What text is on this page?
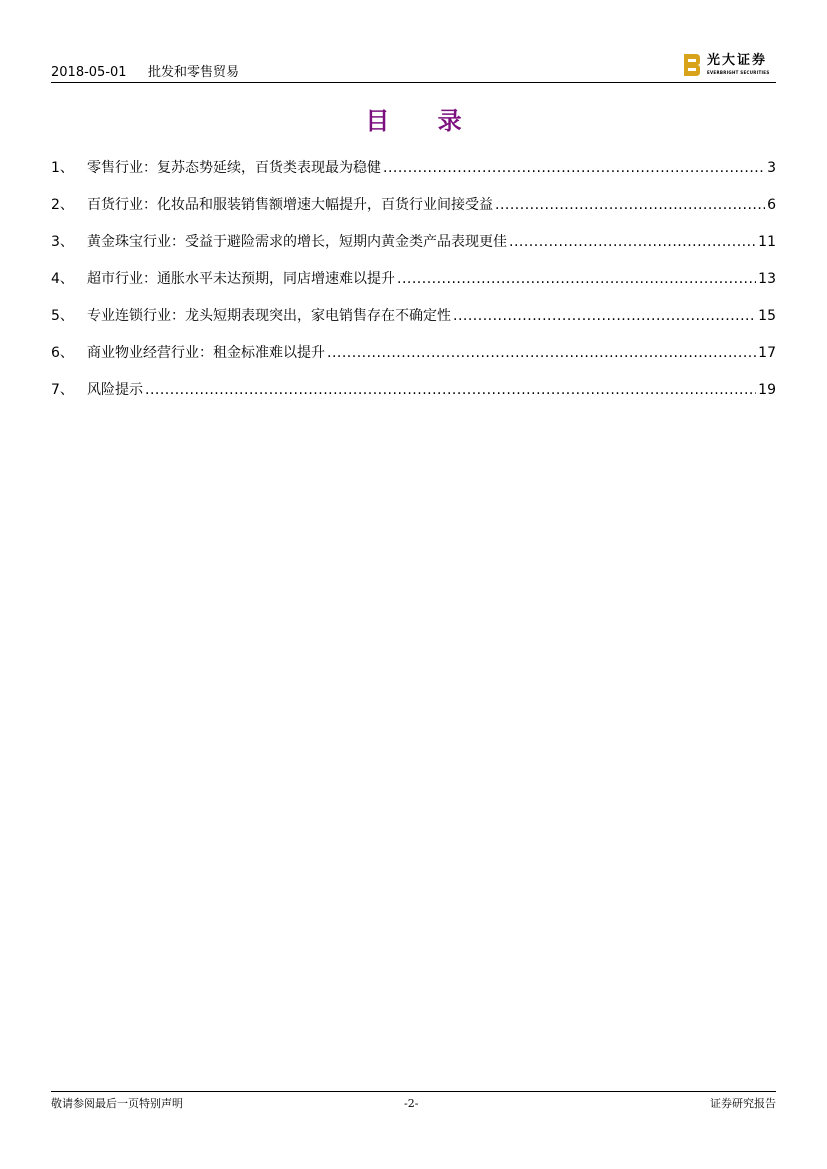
2018-05-01 批发和零售贸易
光大证券
EVERBRIGHT SECURITIES
目 录
1、 零售行业：复苏态势延续，百货类表现最为稳健 .....	3
2、 百货行业：化妆品和服装销售额增速大幅提升，百货行业间接受益 .....	6
3、 黄金珠宝行业：受益于避险需求的增长，短期内黄金类产品表现更佳 .....	11
4、 超市行业：通胀水平未达预期，同店增速难以提升 .....	13
5、 专业连锁行业：龙头短期表现突出，家电销售存在不确定性 .....	15
6、 商业物业经营行业：租金标准难以提升 .....	17
7、 风险提示 .....	19
敬请参阅最后一页特别声明	-2-	证券研究报告
